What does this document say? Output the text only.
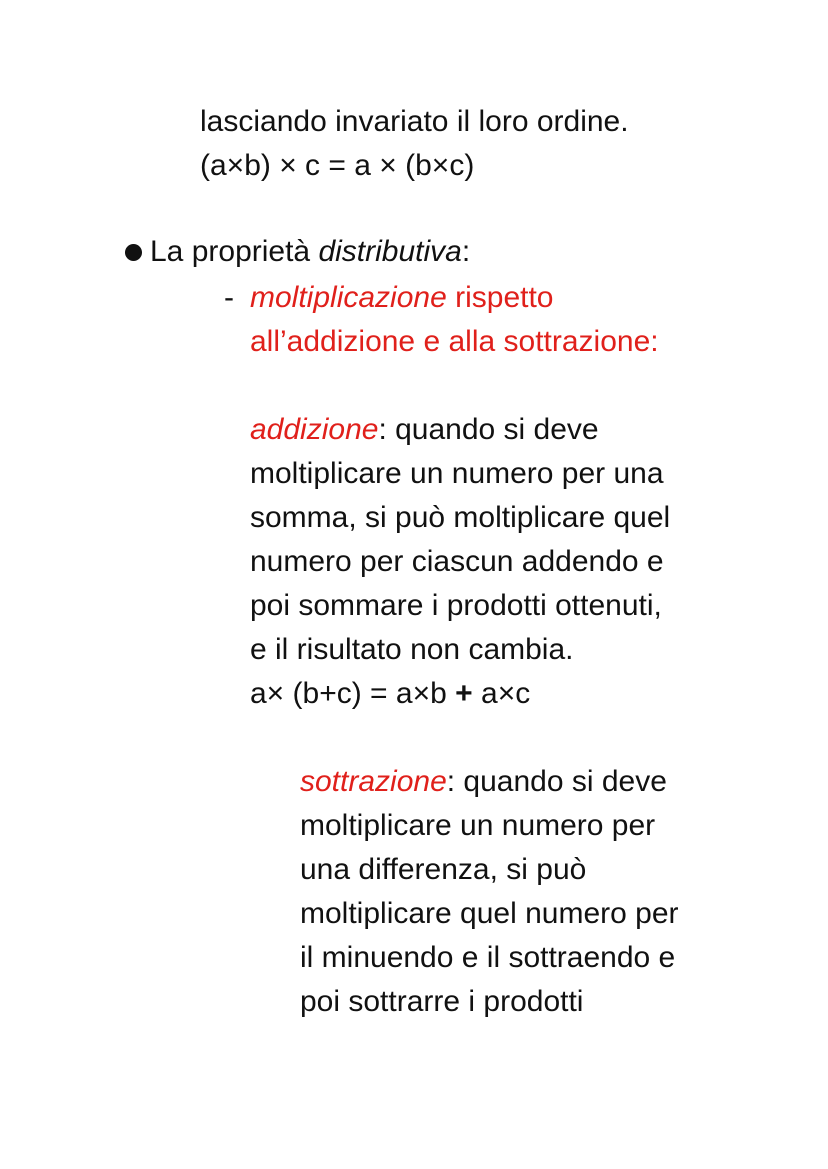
lasciando invariato il loro ordine.
(a×b) × c = a × (b×c)
La proprietà distributiva:
- moltiplicazione rispetto
all’addizione e alla sottrazione:
addizione: quando si deve
moltiplicare un numero per una
somma, si può moltiplicare quel
numero per ciascun addendo e
poi sommare i prodotti ottenuti,
e il risultato non cambia.
a× (b+c) = a×b + a×c
sottrazione: quando si deve
moltiplicare un numero per
una differenza, si può
moltiplicare quel numero per
il minuendo e il sottraendo e
poi sottrarre i prodotti
